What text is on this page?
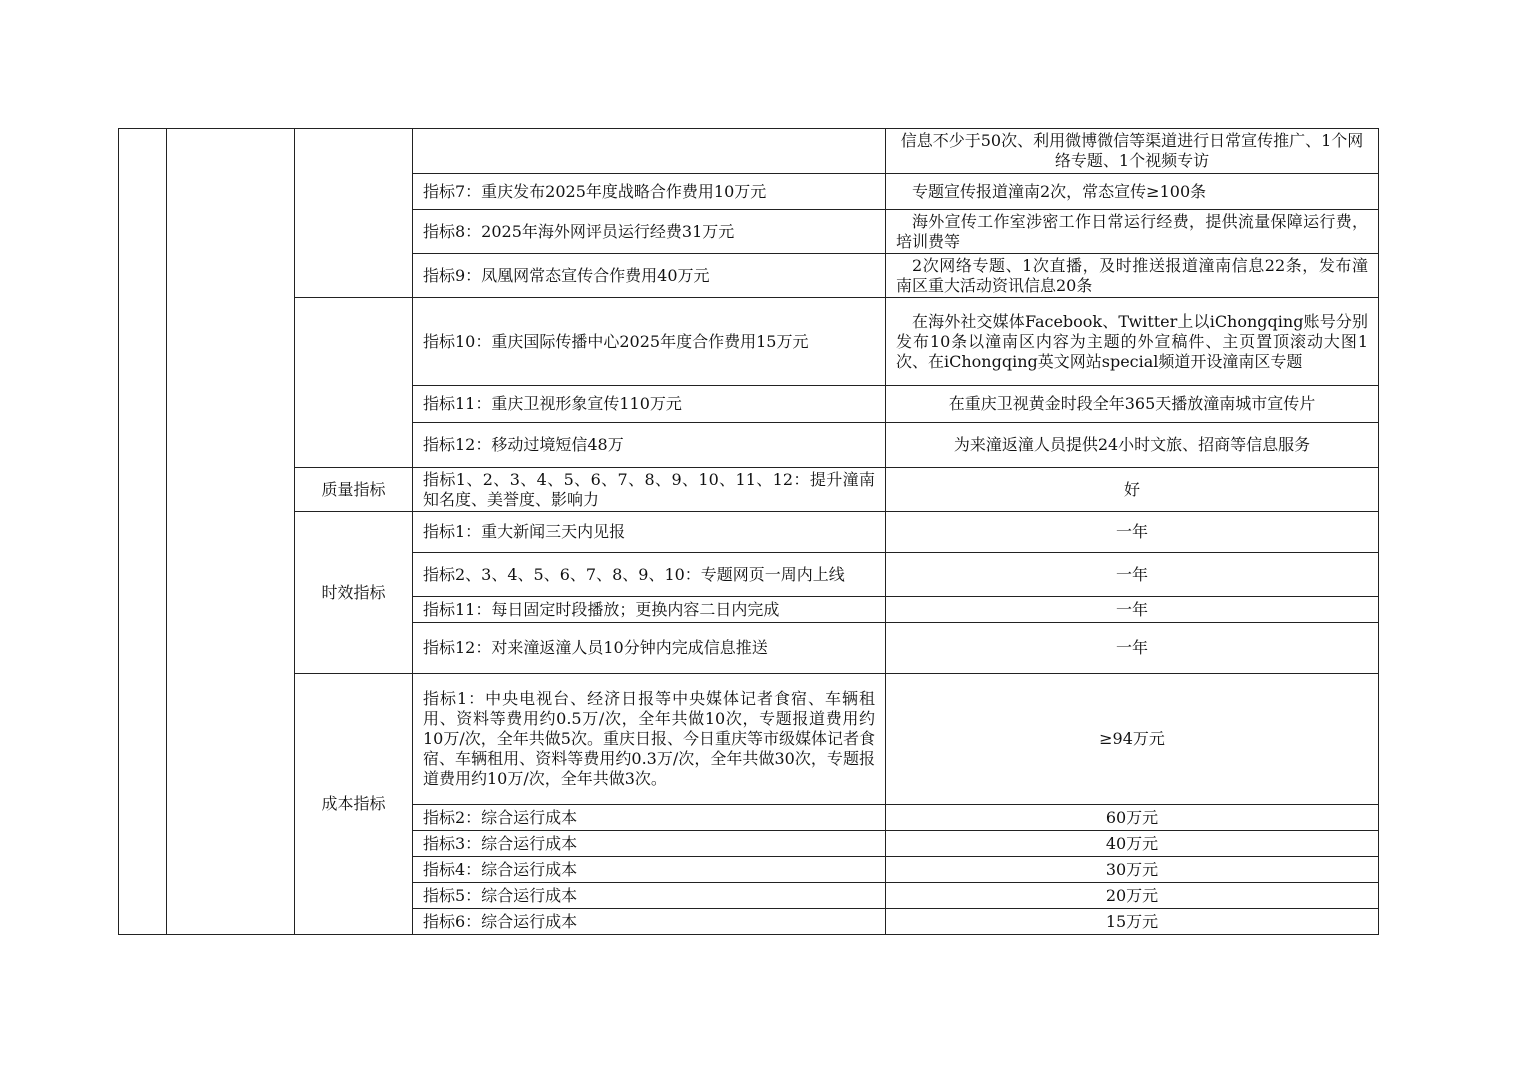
				信息不少于50次、利用微博微信等渠道进行日常宣传推广、1个网络专题、1个视频专访
			指标7：重庆发布2025年度战略合作费用10万元	专题宣传报道潼南2次，常态宣传≥100条
			指标8：2025年海外网评员运行经费31万元	海外宣传工作室涉密工作日常运行经费，提供流量保障运行费，培训费等
			指标9：凤凰网常态宣传合作费用40万元	2次网络专题、1次直播，及时推送报道潼南信息22条，发布潼南区重大活动资讯信息20条
			指标10：重庆国际传播中心2025年度合作费用15万元	在海外社交媒体Facebook、Twitter上以iChongqing账号分别发布10条以潼南区内容为主题的外宣稿件、主页置顶滚动大图1次、在iChongqing英文网站special频道开设潼南区专题
			指标11：重庆卫视形象宣传110万元	在重庆卫视黄金时段全年365天播放潼南城市宣传片
			指标12：移动过境短信48万	为来潼返潼人员提供24小时文旅、招商等信息服务
		质量指标	指标1、2、3、4、5、6、7、8、9、10、11、12：提升潼南知名度、美誉度、影响力	好
		时效指标	指标1：重大新闻三天内见报	一年
			指标2、3、4、5、6、7、8、9、10：专题网页一周内上线	一年
			指标11：每日固定时段播放；更换内容二日内完成	一年
			指标12：对来潼返潼人员10分钟内完成信息推送	一年
		成本指标	指标1：中央电视台、经济日报等中央媒体记者食宿、车辆租用、资料等费用约0.5万/次，全年共做10次，专题报道费用约10万/次，全年共做5次。重庆日报、今日重庆等市级媒体记者食宿、车辆租用、资料等费用约0.3万/次，全年共做30次，专题报道费用约10万/次，全年共做3次。	≥94万元
			指标2：综合运行成本	60万元
			指标3：综合运行成本	40万元
			指标4：综合运行成本	30万元
			指标5：综合运行成本	20万元
			指标6：综合运行成本	15万元
